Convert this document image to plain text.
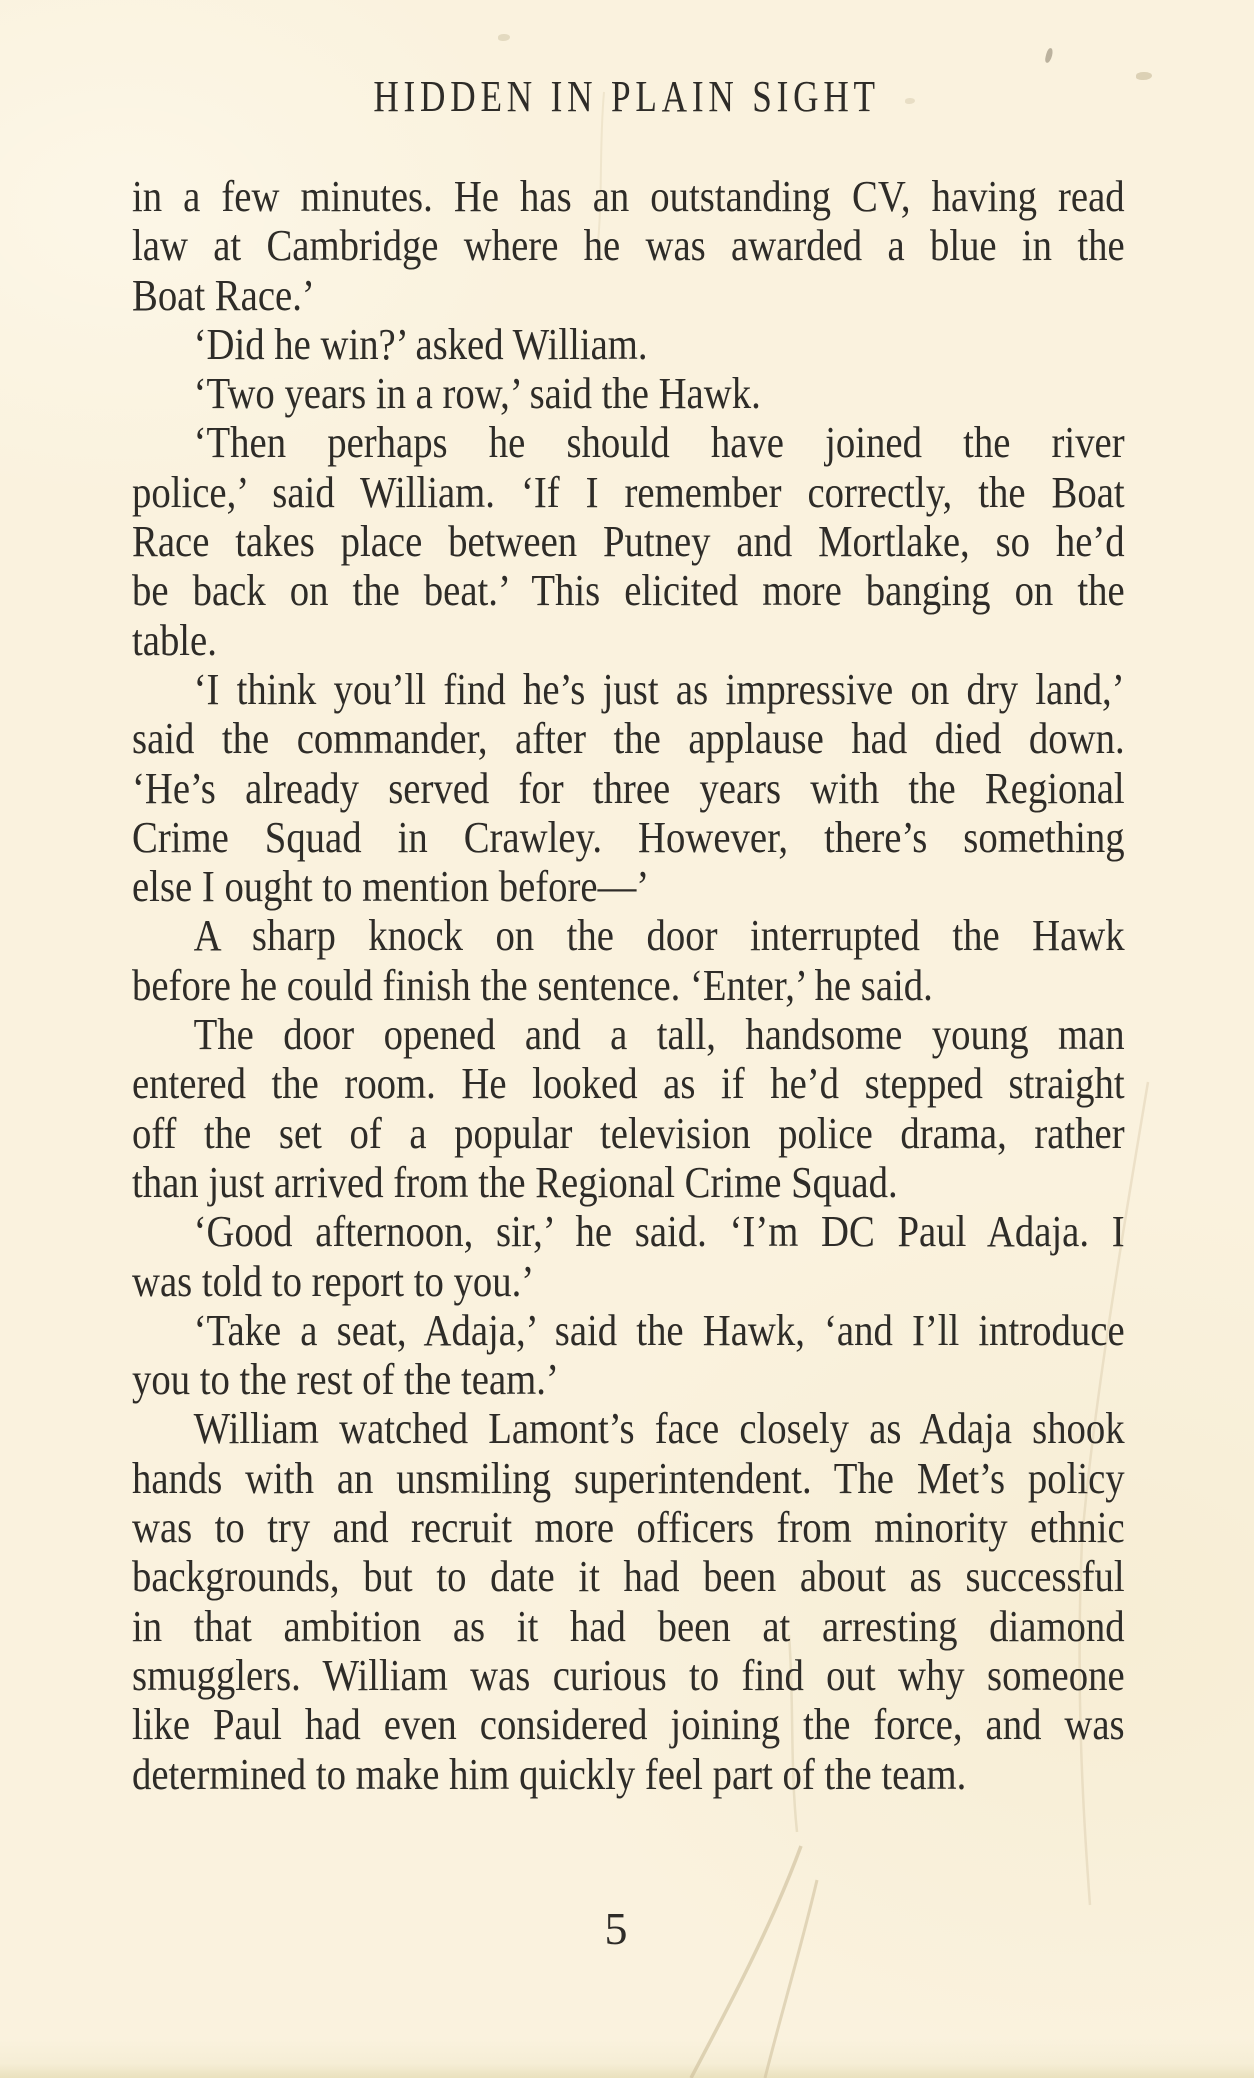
HIDDEN IN PLAIN SIGHT
in a few minutes. He has an outstanding CV, having read
law at Cambridge where he was awarded a blue in the
Boat Race.’
‘Did he win?’ asked William.
‘Two years in a row,’ said the Hawk.
‘Then perhaps he should have joined the river
police,’ said William. ‘If I remember correctly, the Boat
Race takes place between Putney and Mortlake, so he’d
be back on the beat.’ This elicited more banging on the
table.
‘I think you’ll find he’s just as impressive on dry land,’
said the commander, after the applause had died down.
‘He’s already served for three years with the Regional
Crime Squad in Crawley. However, there’s something
else I ought to mention before—’
A sharp knock on the door interrupted the Hawk
before he could finish the sentence. ‘Enter,’ he said.
The door opened and a tall, handsome young man
entered the room. He looked as if he’d stepped straight
off the set of a popular television police drama, rather
than just arrived from the Regional Crime Squad.
‘Good afternoon, sir,’ he said. ‘I’m DC Paul Adaja. I
was told to report to you.’
‘Take a seat, Adaja,’ said the Hawk, ‘and I’ll introduce
you to the rest of the team.’
William watched Lamont’s face closely as Adaja shook
hands with an unsmiling superintendent. The Met’s policy
was to try and recruit more officers from minority ethnic
backgrounds, but to date it had been about as successful
in that ambition as it had been at arresting diamond
smugglers. William was curious to find out why someone
like Paul had even considered joining the force, and was
determined to make him quickly feel part of the team.
5
